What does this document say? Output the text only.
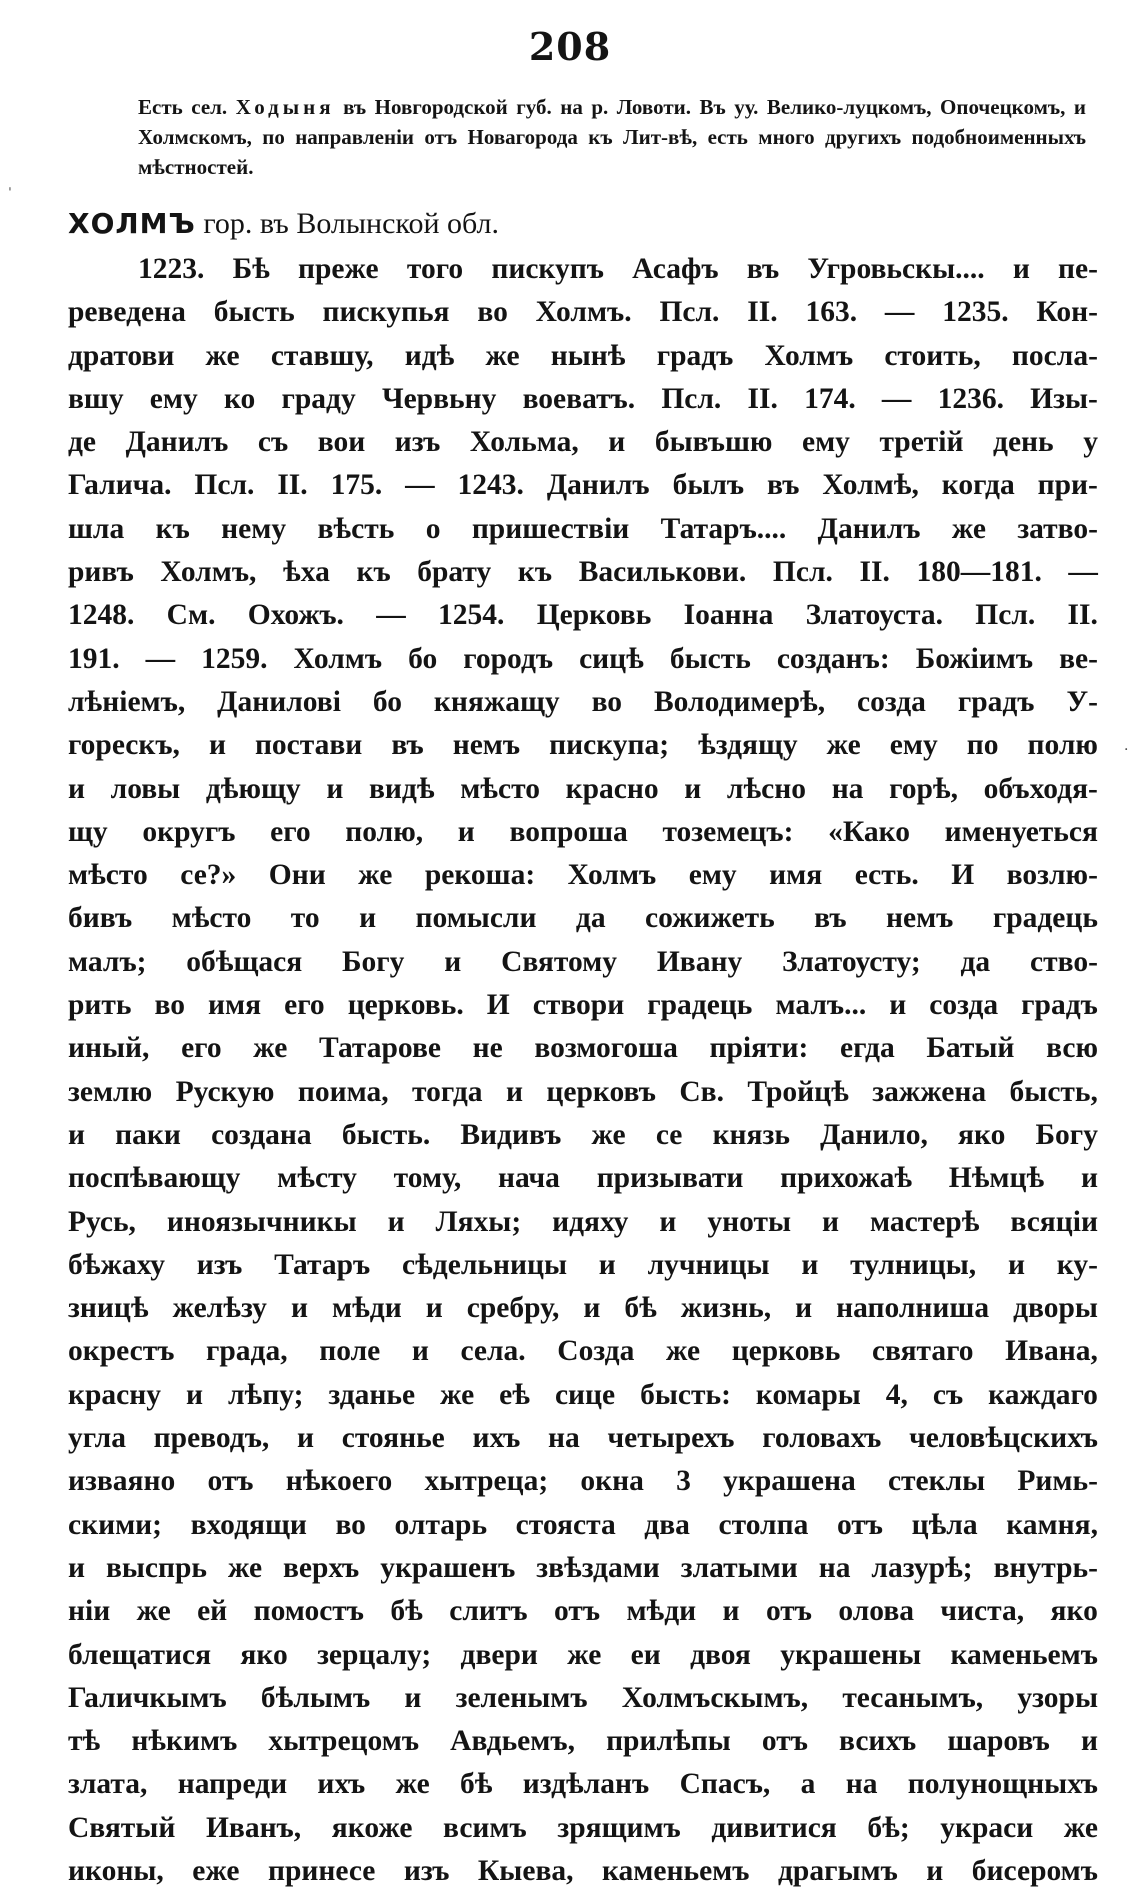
208
Есть сел. Ходыня въ Новгородской губ. на р. Ловоти. Въ уу. Велико-луцкомъ, Опочецкомъ, и Холмскомъ, по направленіи отъ Новагорода къ Лит-вѣ, есть много другихъ подобноименныхъ мѣстностей.
ХОЛМЪ гор. въ Волынской обл.
1223. Бѣ преже того пискупъ Асафъ въ Угровьскы.... и пе-
реведена бысть пискупья во Холмъ. Псл. II. 163. — 1235. Кон-
дратови же ставшу, идѣ же нынѣ градъ Холмъ стоить, посла-
вшу ему ко граду Червьну воеватъ. Псл. II. 174. — 1236. Изы-
де Данилъ съ вои изъ Хольма, и бывъшю ему третій день у
Галича. Псл. II. 175. — 1243. Данилъ былъ въ Холмѣ, когда при-
шла къ нему вѣсть о пришествіи Татаръ.... Данилъ же затво-
ривъ Холмъ, ѣха къ брату къ Василькови. Псл. II. 180—181. —
1248. См. Охожъ. — 1254. Церковь Іоанна Златоуста. Псл. II.
191. — 1259. Холмъ бо городъ сицѣ бысть созданъ: Божіимъ ве-
лѣніемъ, Даниловi бо княжащу во Володимерѣ, созда градъ У-
горескъ, и постави въ немъ пискупа; ѣздящу же ему по полю
и ловы дѣющу и видѣ мѣсто красно и лѣсно на горѣ, объходя-
щу округъ его полю, и вопроша тоземецъ: «Како именуеться
мѣсто се?» Они же рекоша: Холмъ ему имя есть. И возлю-
бивъ мѣсто то и помысли да сожижеть въ немъ градець
малъ; обѣщася Богу и Святому Ивану Златоусту; да ство-
рить во имя его церковь. И створи градець малъ... и созда градъ
иный, его же Татарове не возмогоша пріяти: егда Батый всю
землю Рускую поима, тогда и церковъ Св. Тройцѣ зажжена бысть,
и паки создана бысть. Видивъ же се князь Данило, яко Богу
поспѣвающу мѣсту тому, нача призывати прихожаѣ Нѣмцѣ и
Русь, иноязычникы и Ляхы; идяху и уноты и мастерѣ всяціи
бѣжаху изъ Татаръ сѣдельницы и лучницы и тулницы, и ку-
зницѣ желѣзу и мѣди и сребру, и бѣ жизнь, и наполниша дворы
окрестъ града, поле и села. Созда же церковь святаго Ивана,
красну и лѣпу; зданье же еѣ сице бысть: комары 4, съ каждаго
угла преводъ, и стоянье ихъ на четырехъ головахъ человѣцскихъ
изваяно отъ нѣкоего хытреца; окна 3 украшена стеклы Римь-
скими; входящи во олтарь стояста два столпа отъ цѣла камня,
и выспрь же верхъ украшенъ звѣздами златыми на лазурѣ; внутрь-
ніи же ей помостъ бѣ слитъ отъ мѣди и отъ олова чиста, яко
блещатися яко зерцалу; двери же еи двоя украшены каменьемъ
Галичкымъ бѣлымъ и зеленымъ Холмъскымъ, тесанымъ, узоры
тѣ нѣкимъ хытрецомъ Авдьемъ, прилѣпы отъ всихъ шаровъ и
злата, напреди ихъ же бѣ издѣланъ Спасъ, а на полунощныхъ
Святый Иванъ, якоже всимъ зрящимъ дивитися бѣ; украси же
иконы, еже принесе изъ Кыева, каменьемъ драгымъ и бисеромъ
ˈ
·
